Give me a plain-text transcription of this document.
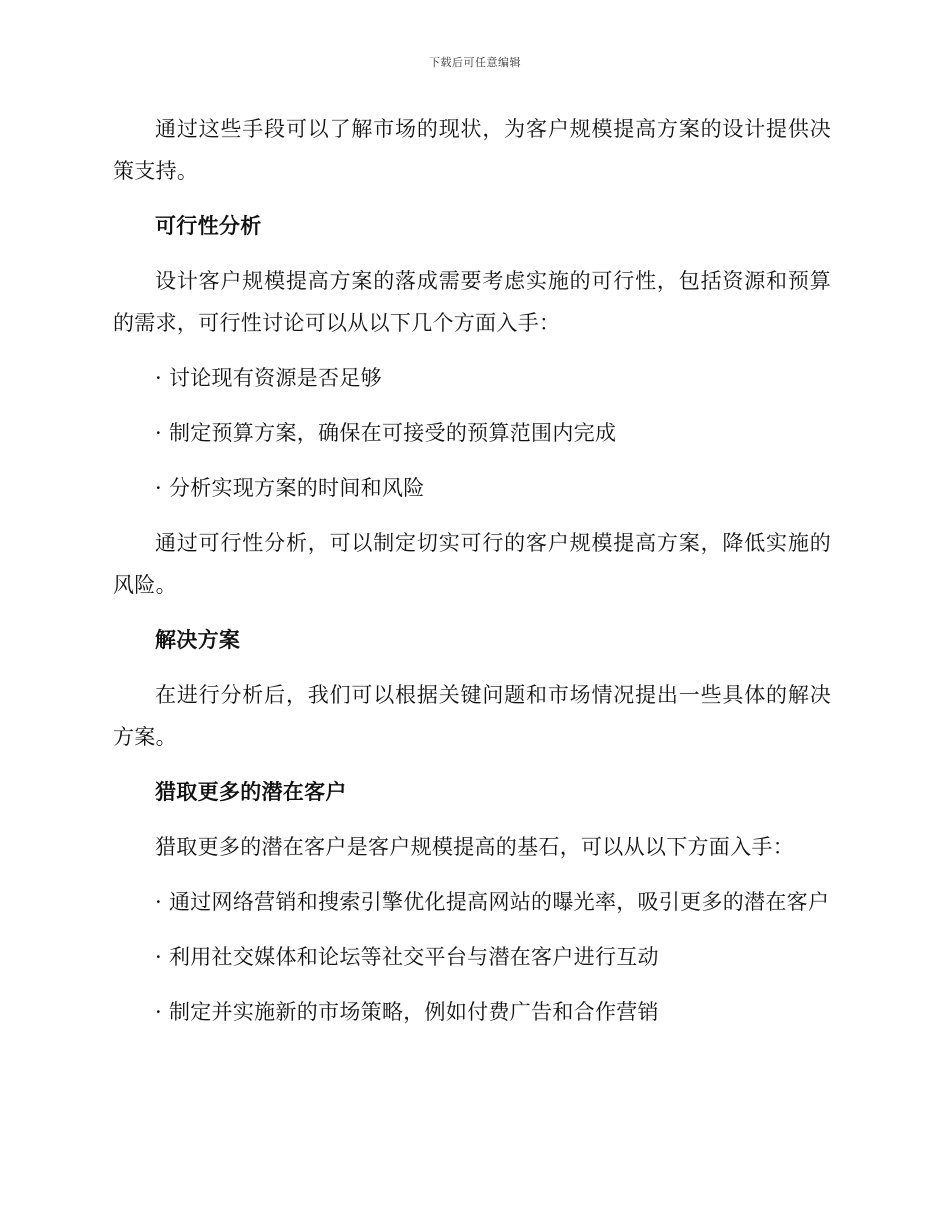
下载后可任意编辑

通过这些手段可以了解市场的现状，为客户规模提高方案的设计提供决策支持。

可行性分析

设计客户规模提高方案的落成需要考虑实施的可行性，包括资源和预算的需求，可行性讨论可以从以下几个方面入手：

· 讨论现有资源是否足够

· 制定预算方案，确保在可接受的预算范围内完成

· 分析实现方案的时间和风险

通过可行性分析，可以制定切实可行的客户规模提高方案，降低实施的风险。

解决方案

在进行分析后，我们可以根据关键问题和市场情况提出一些具体的解决方案。

猎取更多的潜在客户

猎取更多的潜在客户是客户规模提高的基石，可以从以下方面入手：

· 通过网络营销和搜索引擎优化提高网站的曝光率，吸引更多的潜在客户

· 利用社交媒体和论坛等社交平台与潜在客户进行互动

· 制定并实施新的市场策略，例如付费广告和合作营销
